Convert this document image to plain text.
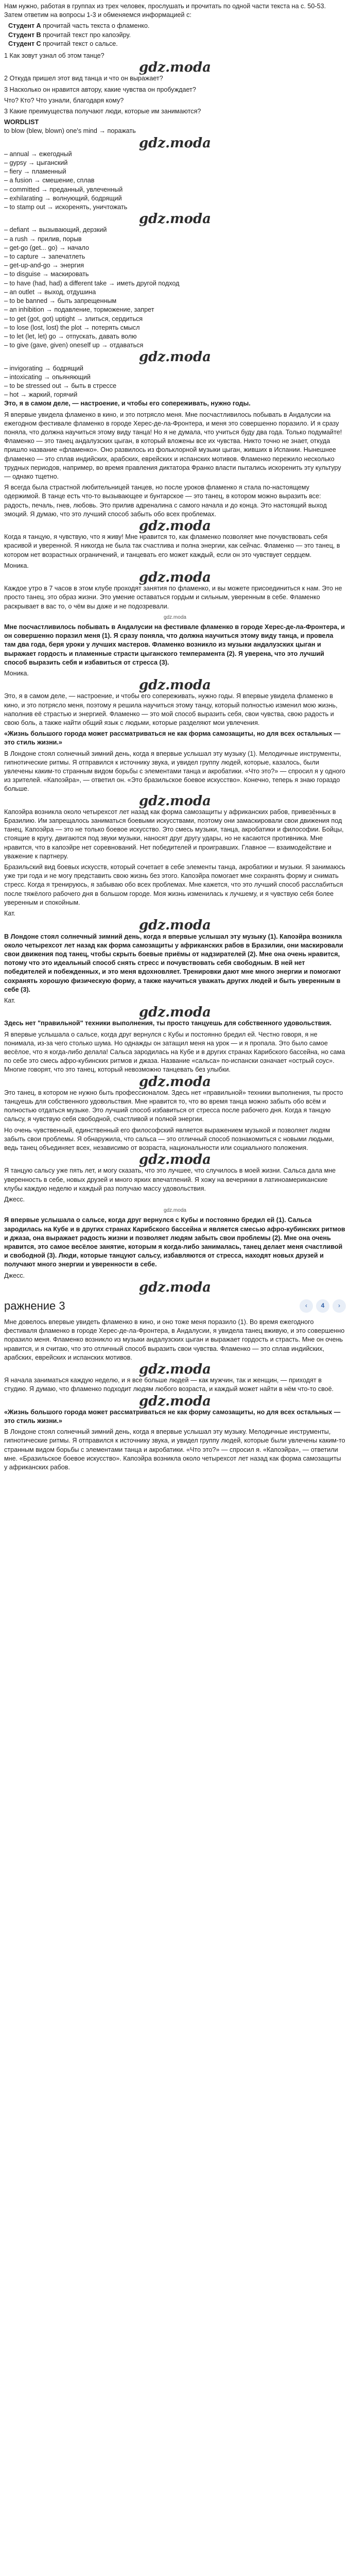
Нам нужно, работая в группах из трех человек, прослушать и прочитать по одной части текста на с. 50-53. Затем ответим на вопросы 1-3 и обменяемся информацией с:

Студент А прочитай часть текста о фламенко.

Студент B прочитай текст про капоэйру.

Студент C прочитай текст о сальсе.

1 Как зовут узнал об этом танце?

gdz.moda

2 Откуда пришел этот вид танца и что он выражает?

3 Насколько он нравится автору, какие чувства он пробуждает?

Что? Кто? Что узнали, благодаря кому?

3 Какие преимущества получают люди, которые им занимаются?

WORDLIST

to blow (blew, blown) one's mind → поражать

gdz.moda

– annual → ежегодный

– gypsy → цыганский

– fiery → пламенный

– a fusion → смешение, сплав

– committed → преданный, увлеченный

– exhilarating → волнующий, бодрящий

– to stamp out → искоренять, уничтожать

gdz.moda

– defiant → вызывающий, дерзкий

– a rush → прилив, порыв

– get-go (get... go) → начало

– to capture → запечатлеть

– get-up-and-go → энергия

– to disguise → маскировать

– to have (had, had) a different take → иметь другой подход

– an outlet → выход, отдушина

– to be banned → быть запрещенным

– an inhibition → подавление, торможение, запрет

– to get (got, got) uptight → злиться, сердиться

– to lose (lost, lost) the plot → потерять смысл

– to let (let, let) go → отпускать, давать волю

– to give (gave, given) oneself up → отдаваться

gdz.moda

– invigorating → бодрящий

– intoxicating → опьяняющий

– to be stressed out → быть в стрессе

– hot → жаркий, горячий

Это, я в самом деле, — настроение, и чтобы его сопереживать, нужно годы.

Я впервые увидела фламенко в кино, и это потрясло меня. Мне посчастливилось побывать в Андалусии на ежегодном фестивале фламенко в городе Херес-де-ла-Фронтера, и меня это совершенно поразило. И я сразу поняла, что должна научиться этому виду танца! Но я не думала, что учиться буду два года. Только подумайте! Фламенко — это танец андалузских цыган, в который вложены все их чувства. Никто точно не знает, откуда пришло название «фламенко». Оно развилось из фольклорной музыки цыган, живших в Испании. Нынешнее фламенко — это сплав индийских, арабских, еврейских и испанских мотивов. Фламенко пережило несколько трудных периодов, например, во время правления диктатора Франко власти пытались искоренить эту культуру — однако тщетно.

Я всегда была страстной любительницей танцев, но после уроков фламенко я стала по-настоящему одержимой. В танце есть что-то вызывающее и бунтарское — это танец, в котором можно выразить все: радость, печаль, гнев, любовь. Это прилив адреналина с самого начала и до конца. Это настоящий выход эмоций. Я думаю, что это лучший способ забыть обо всех проблемах.

gdz.moda

Когда я танцую, я чувствую, что я живу! Мне нравится то, как фламенко позволяет мне почувствовать себя красивой и уверенной. Я никогда не была так счастлива и полна энергии, как сейчас. Фламенко — это танец, в котором нет возрастных ограничений, и танцевать его может каждый, если он это чувствует сердцем.

Моника.

gdz.moda

Каждое утро в 7 часов в этом клубе проходят занятия по фламенко, и вы можете присоединиться к нам. Это не просто танец, это образ жизни. Это умение оставаться гордым и сильным, уверенным в себе. Фламенко раскрывает в вас то, о чём вы даже и не подозревали.

gdz.moda

Мне посчастливилось побывать в Андалусии на фестивале фламенко в городе Херес-де-ла-Фронтера, и он совершенно поразил меня (1). Я сразу поняла, что должна научиться этому виду танца, и провела там два года, беря уроки у лучших мастеров. Фламенко возникло из музыки андалузских цыган и выражает гордость и пламенные страсти цыганского темперамента (2). Я уверена, что это лучший способ выразить себя и избавиться от стресса (3).

Моника.

gdz.moda

Это, я в самом деле, — настроение, и чтобы его сопереживать, нужно годы. Я впервые увидела фламенко в кино, и это потрясло меня, поэтому я решила научиться этому танцу, который полностью изменил мою жизнь, наполнив её страстью и энергией. Фламенко — это мой способ выразить себя, свои чувства, свою радость и свою боль, а также найти общий язык с людьми, которые разделяют мои увлечения.

«Жизнь большого города может рассматриваться не как форма самозащиты, но для всех остальных — это стиль жизни.»

В Лондоне стоял солнечный зимний день, когда я впервые услышал эту музыку (1). Мелодичные инструменты, гипнотические ритмы. Я отправился к источнику звука, и увидел группу людей, которые, казалось, были увлечены каким-то странным видом борьбы с элементами танца и акробатики. «Что это?» — спросил я у одного из зрителей. «Капоэйра», — ответил он. «Это бразильское боевое искусство». Конечно, теперь я знаю гораздо больше.

gdz.moda

Капоэйра возникла около четырехсот лет назад как форма самозащиты у африканских рабов, привезённых в Бразилию. Им запрещалось заниматься боевыми искусствами, поэтому они замаскировали свои движения под танец. Капоэйра — это не только боевое искусство. Это смесь музыки, танца, акробатики и философии. Бойцы, стоящие в кругу, двигаются под звуки музыки, наносят друг другу удары, но не касаются противника. Мне нравится, что в капоэйре нет соревнований. Нет победителей и проигравших. Главное — взаимодействие и уважение к партнеру.

Бразильский вид боевых искусств, который сочетает в себе элементы танца, акробатики и музыки. Я занимаюсь уже три года и не могу представить свою жизнь без этого. Капоэйра помогает мне сохранять форму и снимать стресс. Когда я тренируюсь, я забываю обо всех проблемах. Мне кажется, что это лучший способ расслабиться после тяжёлого рабочего дня в большом городе. Моя жизнь изменилась к лучшему, и я чувствую себя более уверенным и спокойным.

Кат.

gdz.moda

В Лондоне стоял солнечный зимний день, когда я впервые услышал эту музыку (1). Капоэйра возникла около четырехсот лет назад как форма самозащиты у африканских рабов в Бразилии, они маскировали свои движения под танец, чтобы скрыть боевые приёмы от надзирателей (2). Мне она очень нравится, потому что это идеальный способ снять стресс и почувствовать себя свободным. В ней нет победителей и побежденных, и это меня вдохновляет. Тренировки дают мне много энергии и помогают сохранять хорошую физическую форму, а также научиться уважать других людей и быть уверенным в себе (3).

Кат.

gdz.moda

Здесь нет "правильной" техники выполнения, ты просто танцуешь для собственного удовольствия.

Я впервые услышала о сальсе, когда друг вернулся с Кубы и постоянно бредил ей. Честно говоря, я не понимала, из-за чего столько шума. Но однажды он затащил меня на урок — и я пропала. Это было самое весёлое, что я когда-либо делала! Сальса зародилась на Кубе и в других странах Карибского бассейна, но сама по себе это смесь афро-кубинских ритмов и джаза. Название «сальса» по-испански означает «острый соус». Многие говорят, что это танец, который невозможно танцевать без улыбки.

gdz.moda

Это танец, в котором не нужно быть профессионалом. Здесь нет «правильной» техники выполнения, ты просто танцуешь для собственного удовольствия. Мне нравится то, что во время танца можно забыть обо всём и полностью отдаться музыке. Это лучший способ избавиться от стресса после рабочего дня. Когда я танцую сальсу, я чувствую себя свободной, счастливой и полной энергии.

Но очень чувственный, единственный его философский является выражением музыкой и позволяет людям забыть свои проблемы. Я обнаружила, что сальса — это отличный способ познакомиться с новыми людьми, ведь танец объединяет всех, независимо от возраста, национальности или социального положения.

gdz.moda

Я танцую сальсу уже пять лет, и могу сказать, что это лучшее, что случилось в моей жизни. Сальса дала мне уверенность в себе, новых друзей и много ярких впечатлений. Я хожу на вечеринки в латиноамериканские клубы каждую неделю и каждый раз получаю массу удовольствия.

Джесс.

gdz.moda

Я впервые услышала о сальсе, когда друг вернулся с Кубы и постоянно бредил ей (1). Сальса зародилась на Кубе и в других странах Карибского бассейна и является смесью афро-кубинских ритмов и джаза, она выражает радость жизни и позволяет людям забыть свои проблемы (2). Мне она очень нравится, это самое весёлое занятие, которым я когда-либо занималась, танец делает меня счастливой и свободной (3). Люди, которые танцуют сальсу, избавляются от стресса, находят новых друзей и получают много энергии и уверенности в себе.

Джесс.

gdz.moda
ражнение 3	‹	4	›

Мне довелось впервые увидеть фламенко в кино, и оно тоже меня поразило (1). Во время ежегодного фестиваля фламенко в городе Херес-де-ла-Фронтера, в Андалусии, я увидела танец вживую, и это совершенно поразило меня. Фламенко возникло из музыки андалузских цыган и выражает гордость и страсть. Мне он очень нравится, и я считаю, что это отличный способ выразить свои чувства. Фламенко — это сплав индийских, арабских, еврейских и испанских мотивов.

gdz.moda

Я начала заниматься каждую неделю, и я все больше людей — как мужчин, так и женщин, — приходят в студию. Я думаю, что фламенко подходит людям любого возраста, и каждый может найти в нём что-то своё.

gdz.moda

«Жизнь большого города может рассматриваться не как форму самозащиты, но для всех остальных — это стиль жизни.»

В Лондоне стоял солнечный зимний день, когда я впервые услышал эту музыку. Мелодичные инструменты, гипнотические ритмы. Я отправился к источнику звука, и увидел группу людей, которые были увлечены каким-то странным видом борьбы с элементами танца и акробатики. «Что это?» — спросил я. «Капоэйра», — ответили мне. «Бразильское боевое искусство». Капоэйра возникла около четырехсот лет назад как форма самозащиты у африканских рабов.
